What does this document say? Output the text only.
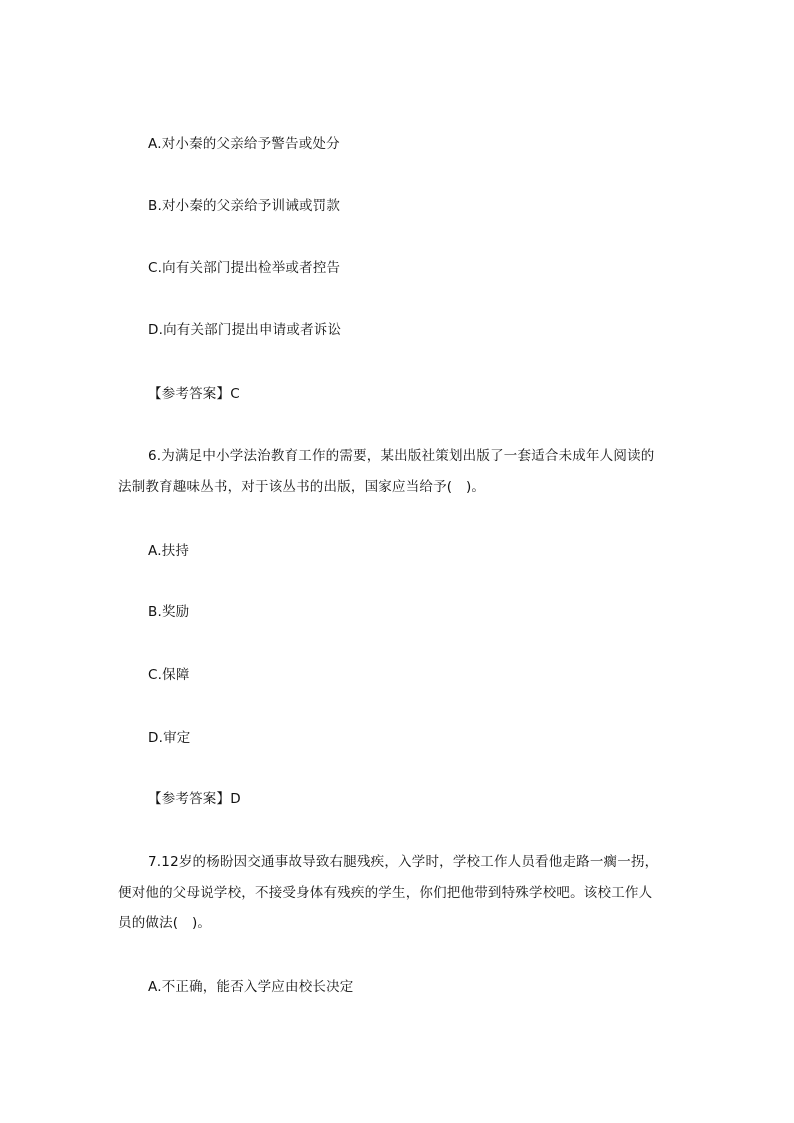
A.对小秦的父亲给予警告或处分
B.对小秦的父亲给予训诫或罚款
C.向有关部门提出检举或者控告
D.向有关部门提出申请或者诉讼
【参考答案】C
6.为满足中小学法治教育工作的需要，某出版社策划出版了一套适合未成年人阅读的
法制教育趣味丛书，对于该丛书的出版，国家应当给予(　)。
A.扶持
B.奖励
C.保障
D.审定
【参考答案】D
7.12岁的杨盼因交通事故导致右腿残疾，入学时，学校工作人员看他走路一瘸一拐，
便对他的父母说学校，不接受身体有残疾的学生，你们把他带到特殊学校吧。该校工作人
员的做法(　)。
A.不正确，能否入学应由校长决定
